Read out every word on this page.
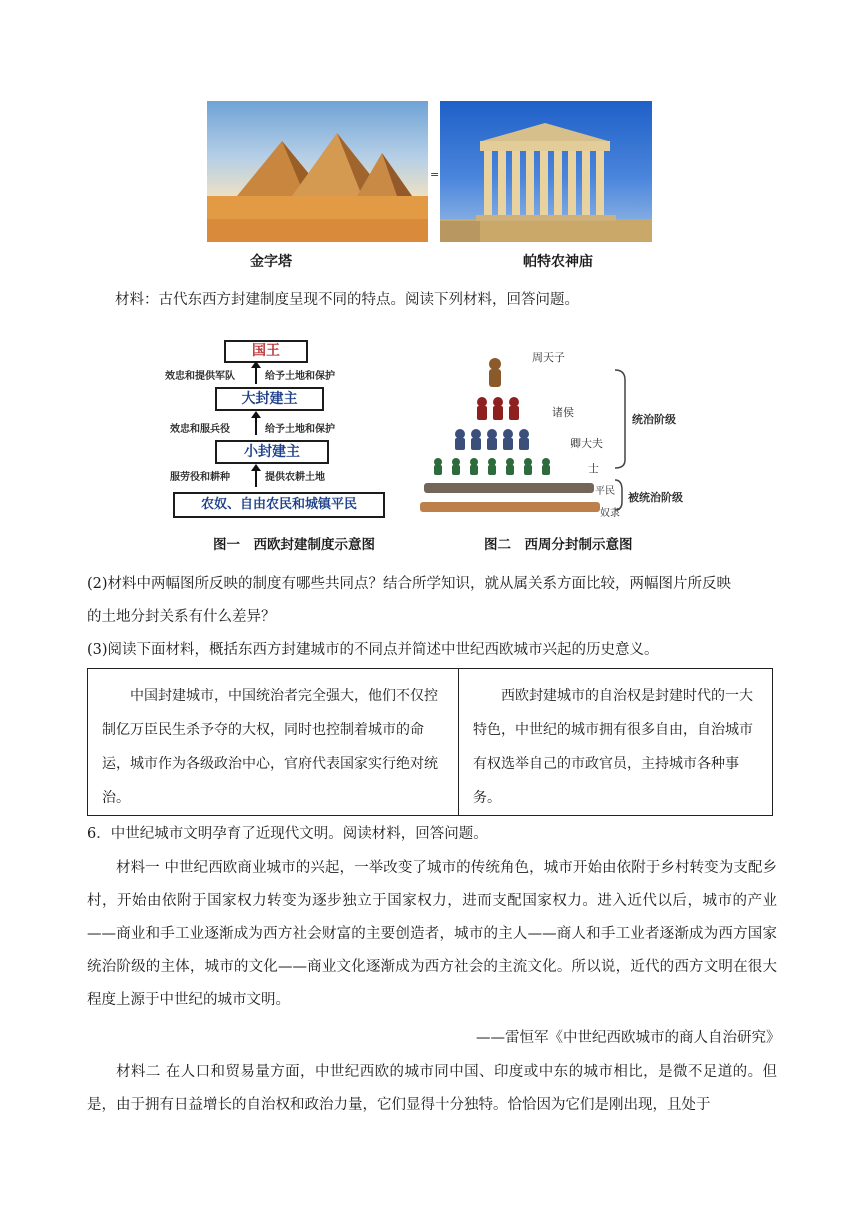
=
金字塔	帕特农神庙
材料：古代东西方封建制度呈现不同的特点。阅读下列材料，回答问题。
国王
效忠和提供军队	给予土地和保护
大封建主
效忠和服兵役	给予土地和保护
小封建主
服劳役和耕种	提供农耕土地
农奴、自由农民和城镇平民
图一　西欧封建制度示意图
周天子
诸侯
卿大夫
士
平民
奴隶
统治阶级
被统治阶级
图二　西周分封制示意图
(2)材料中两幅图所反映的制度有哪些共同点？结合所学知识，就从属关系方面比较，两幅图片所反映
的土地分封关系有什么差异？
(3)阅读下面材料，概括东西方封建城市的不同点并简述中世纪西欧城市兴起的历史意义。
中国封建城市，中国统治者完全强大，他们不仅控制亿万臣民生杀予夺的大权，同时也控制着城市的命运，城市作为各级政治中心，官府代表国家实行绝对统治。	西欧封建城市的自治权是封建时代的一大特色，中世纪的城市拥有很多自由，自治城市有权选举自己的市政官员，主持城市各种事务。
6．中世纪城市文明孕育了近现代文明。阅读材料，回答问题。
材料一 中世纪西欧商业城市的兴起，一举改变了城市的传统角色，城市开始由依附于乡村转变为支配乡村，开始由依附于国家权力转变为逐步独立于国家权力，进而支配国家权力。进入近代以后，城市的产业——商业和手工业逐渐成为西方社会财富的主要创造者，城市的主人——商人和手工业者逐渐成为西方国家统治阶级的主体，城市的文化——商业文化逐渐成为西方社会的主流文化。所以说，近代的西方文明在很大程度上源于中世纪的城市文明。
——雷恒军《中世纪西欧城市的商人自治研究》
材料二 在人口和贸易量方面，中世纪西欧的城市同中国、印度或中东的城市相比，是微不足道的。但是，由于拥有日益增长的自治权和政治力量，它们显得十分独特。恰恰因为它们是刚出现，且处于
